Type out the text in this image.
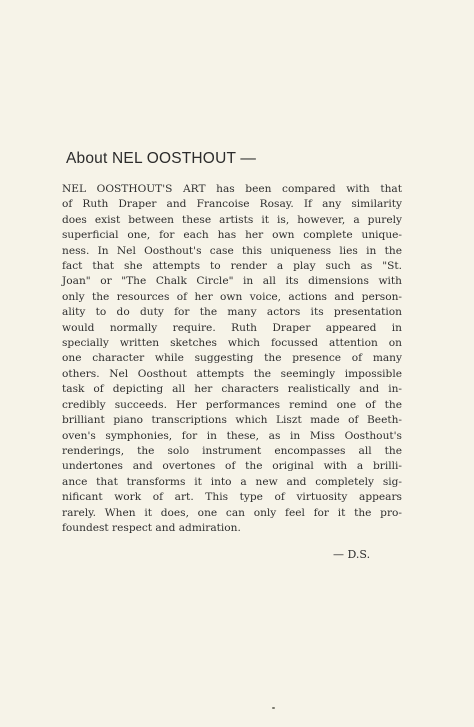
About NEL OOSTHOUT —
NEL OOSTHOUT'S ART has been compared with that
of Ruth Draper and Francoise Rosay. If any similarity
does exist between these artists it is, however, a purely
superficial one, for each has her own complete unique-
ness. In Nel Oosthout's case this uniqueness lies in the
fact that she attempts to render a play such as "St.
Joan" or "The Chalk Circle" in all its dimensions with
only the resources of her own voice, actions and person-
ality to do duty for the many actors its presentation
would normally require. Ruth Draper appeared in
specially written sketches which focussed attention on
one character while suggesting the presence of many
others. Nel Oosthout attempts the seemingly impossible
task of depicting all her characters realistically and in-
credibly succeeds. Her performances remind one of the
brilliant piano transcriptions which Liszt made of Beeth-
oven's symphonies, for in these, as in Miss Oosthout's
renderings, the solo instrument encompasses all the
undertones and overtones of the original with a brilli-
ance that transforms it into a new and completely sig-
nificant work of art. This type of virtuosity appears
rarely. When it does, one can only feel for it the pro-
foundest respect and admiration.
— D.S.
